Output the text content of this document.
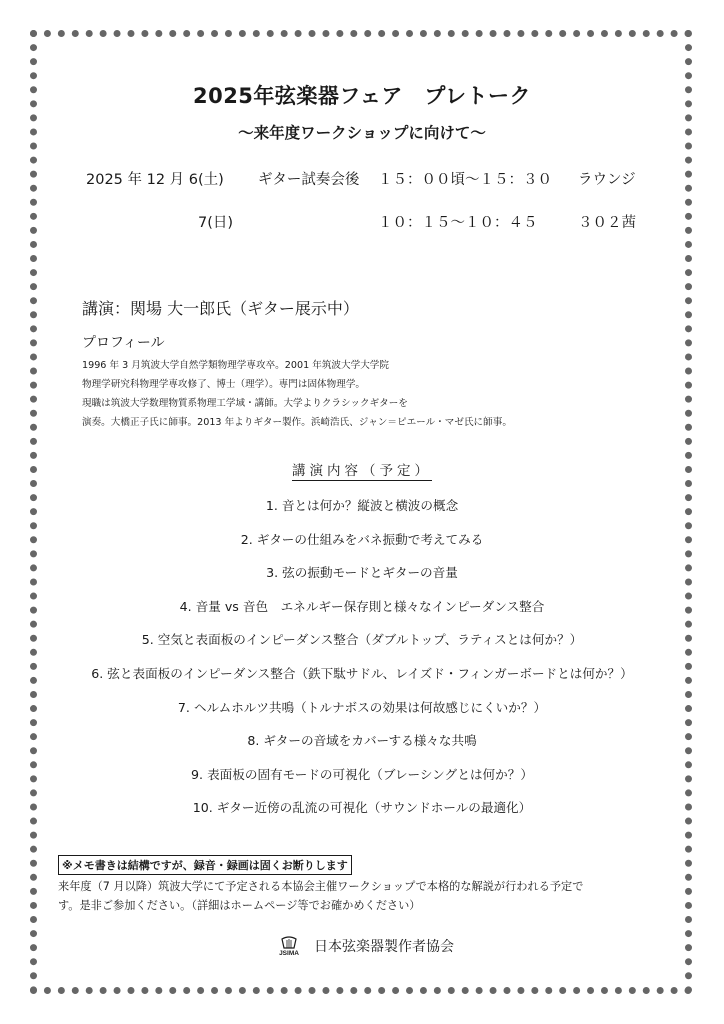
2025年弦楽器フェア　プレトーク
～来年度ワークショップに向けて～
2025 年 12 月 6(土) ギター試奏会後 １５：００頃～１５：３０ ラウンジ
7(日)	１０：１５～１０：４５	３０２茜
講演：関場 大一郎氏（ギター展示中）
プロフィール
1996 年 3 月筑波大学自然学類物理学専攻卒。2001 年筑波大学大学院
物理学研究科物理学専攻修了、博士（理学）。専門は固体物理学。
現職は筑波大学数理物質系物理工学域・講師。大学よりクラシックギターを
演奏。大橋正子氏に師事。2013 年よりギター製作。浜崎浩氏、ジャン＝ピエール・マゼ氏に師事。
講演内容（予定）
1. 音とは何か？縦波と横波の概念
2. ギターの仕組みをバネ振動で考えてみる
3. 弦の振動モードとギターの音量
4. 音量 vs 音色　エネルギー保存則と様々なインピーダンス整合
5. 空気と表面板のインピーダンス整合（ダブルトップ、ラティスとは何か？）
6. 弦と表面板のインピーダンス整合（鉄下駄サドル、レイズド・フィンガーボードとは何か？）
7. ヘルムホルツ共鳴（トルナボスの効果は何故感じにくいか？）
8. ギターの音域をカバーする様々な共鳴
9. 表面板の固有モードの可視化（ブレーシングとは何か？）
10. ギター近傍の乱流の可視化（サウンドホールの最適化）
※メモ書きは結構ですが、録音・録画は固くお断りします
来年度（7 月以降）筑波大学にて予定される本協会主催ワークショップで本格的な解説が行われる予定で
す。是非ご参加ください。（詳細はホームページ等でお確かめください）
JSIMA 日本弦楽器製作者協会
